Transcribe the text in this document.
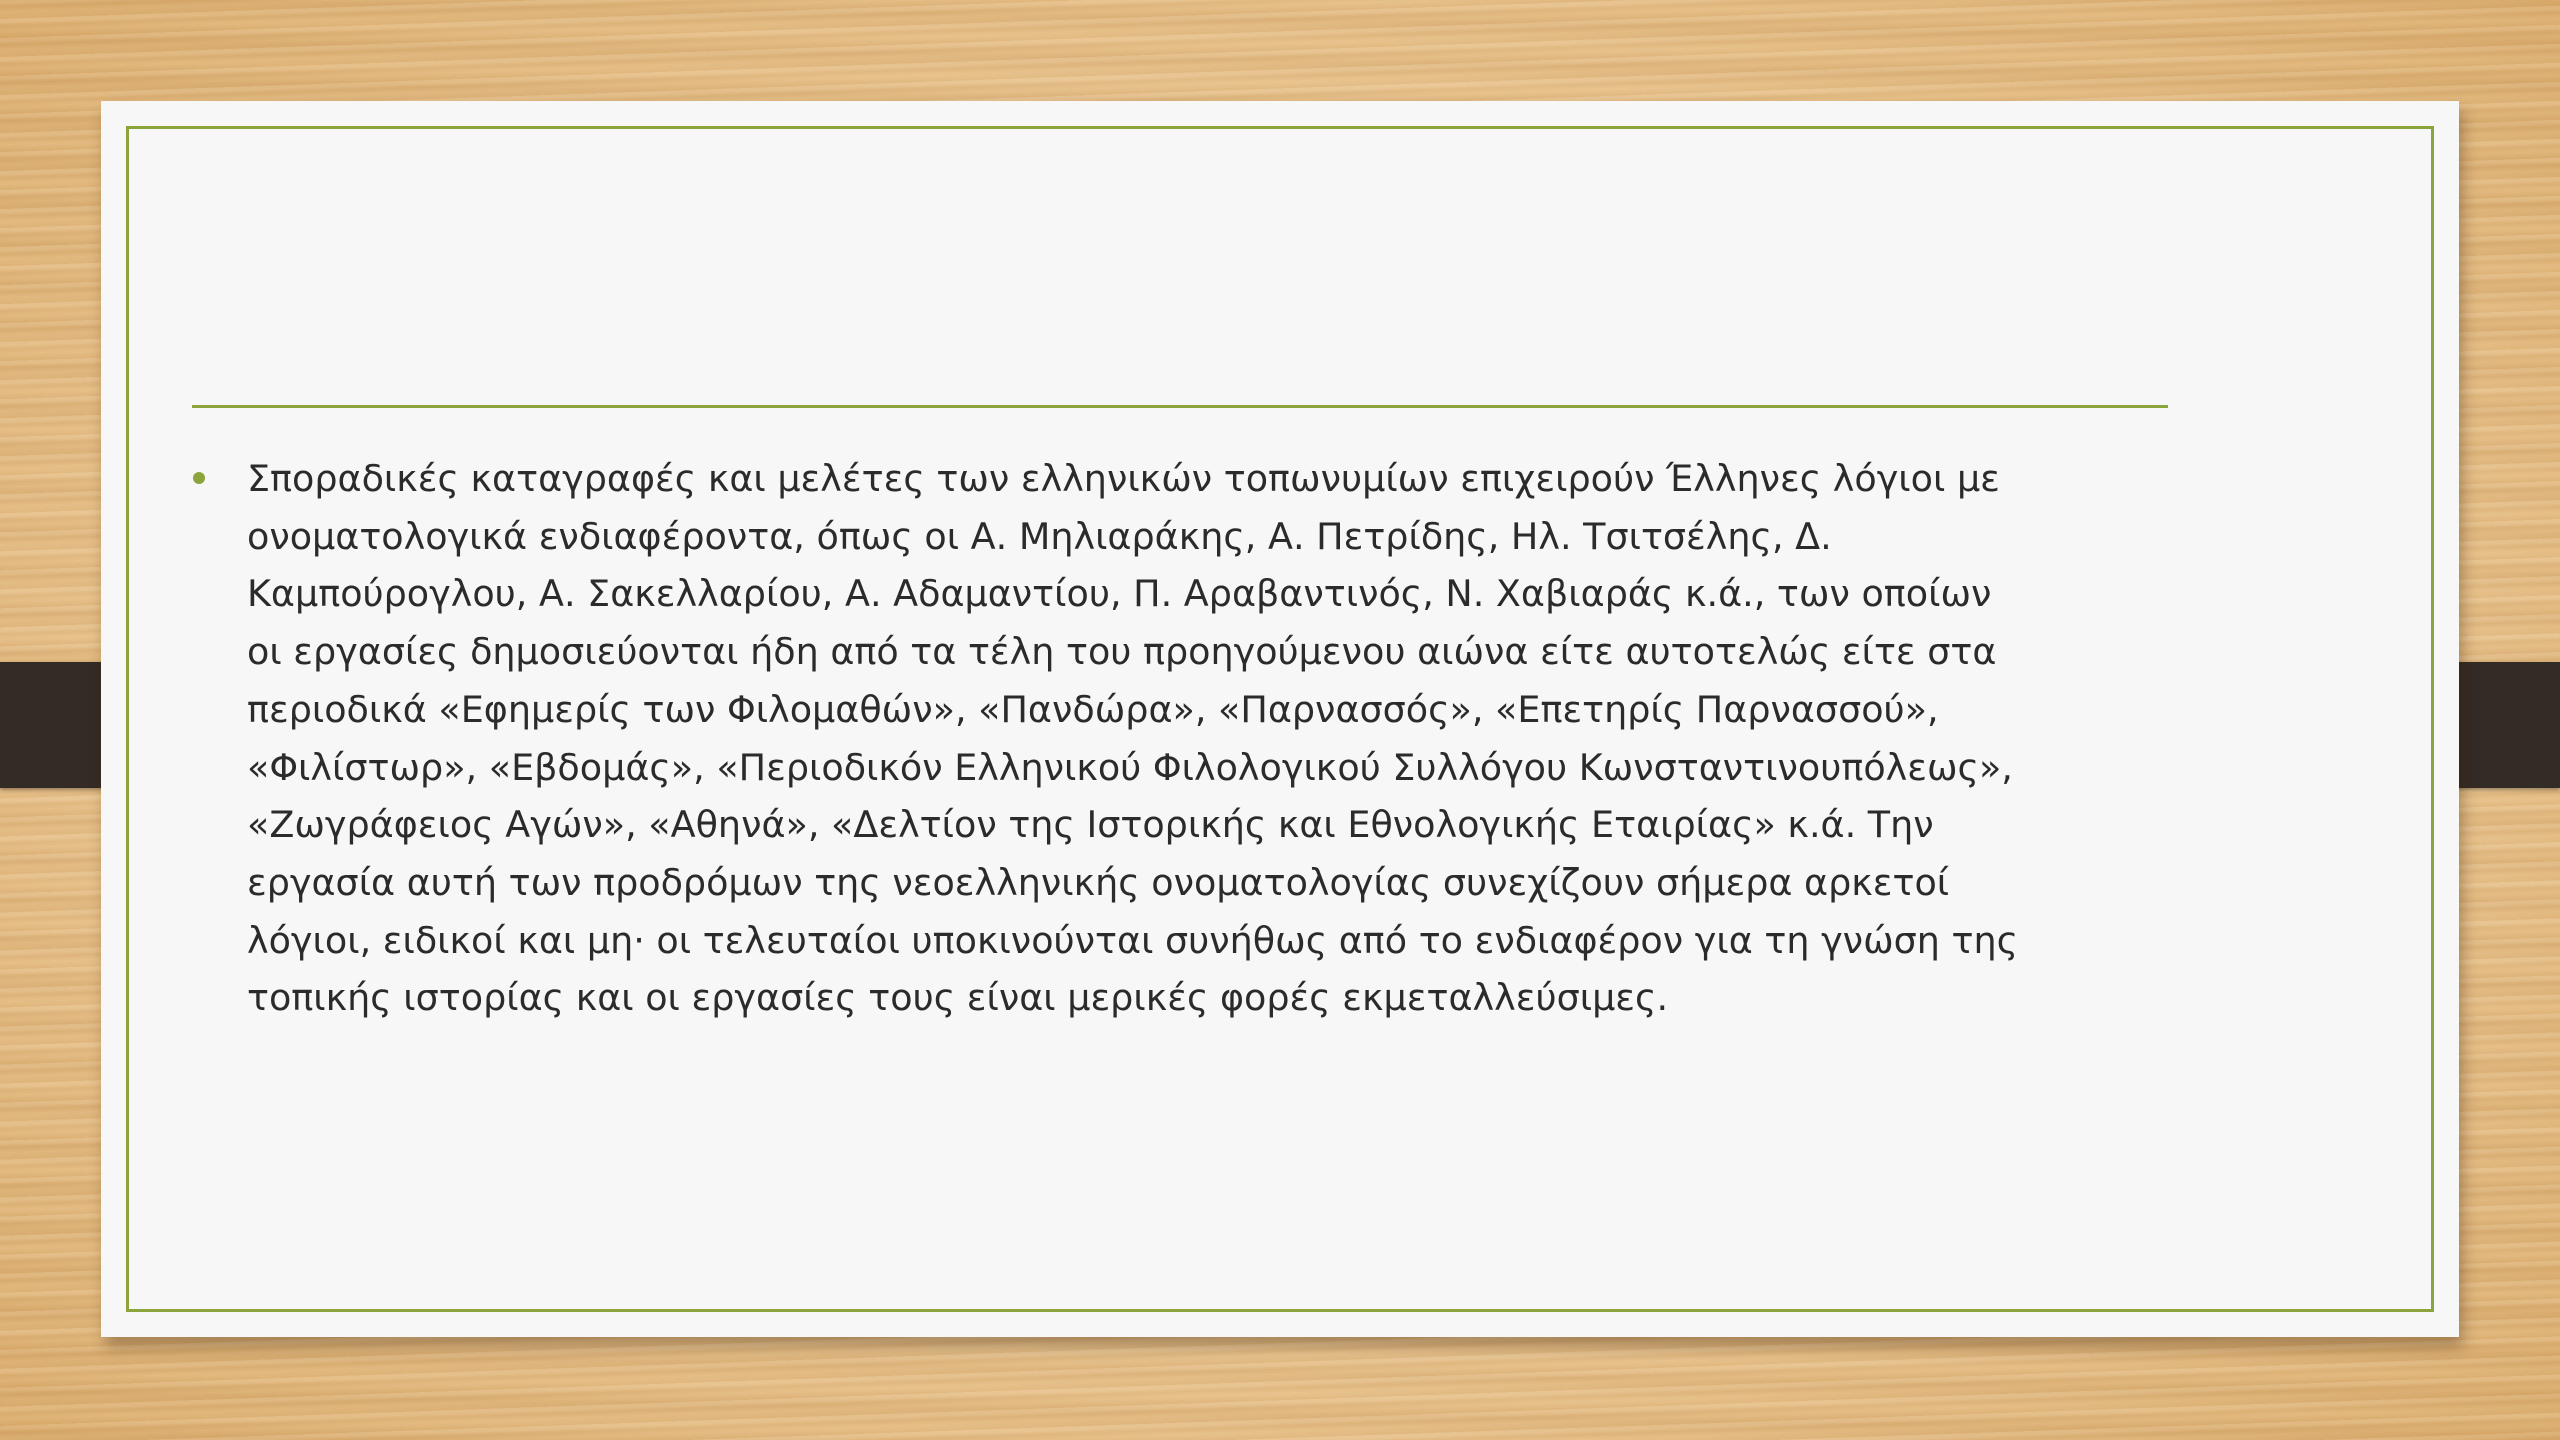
Σποραδικές καταγραφές και μελέτες των ελληνικών τοπωνυμίων επιχειρούν Έλληνες λόγιοι με
ονοματολογικά ενδιαφέροντα, όπως οι Α. Μηλιαράκης, Α. Πετρίδης, Ηλ. Τσιτσέλης, Δ.
Καμπούρογλου, Α. Σακελλαρίου, Α. Αδαμαντίου, Π. Αραβαντινός, Ν. Χαβιαράς κ.ά., των οποίων
οι εργασίες δημοσιεύονται ήδη από τα τέλη του προηγούμενου αιώνα είτε αυτοτελώς είτε στα
περιοδικά «Εφημερίς των Φιλομαθών», «Πανδώρα», «Παρνασσός», «Επετηρίς Παρνασσού»,
«Φιλίστωρ», «Εβδομάς», «Περιοδικόν Ελληνικού Φιλολογικού Συλλόγου Κωνσταντινουπόλεως»,
«Ζωγράφειος Αγών», «Αθηνά», «Δελτίον της Ιστορικής και Εθνολογικής Εταιρίας» κ.ά. Την
εργασία αυτή των προδρόμων της νεοελληνικής ονοματολογίας συνεχίζουν σήμερα αρκετοί
λόγιοι, ειδικοί και μη· οι τελευταίοι υποκινούνται συνήθως από το ενδιαφέρον για τη γνώση της
τοπικής ιστορίας και οι εργασίες τους είναι μερικές φορές εκμεταλλεύσιμες.
